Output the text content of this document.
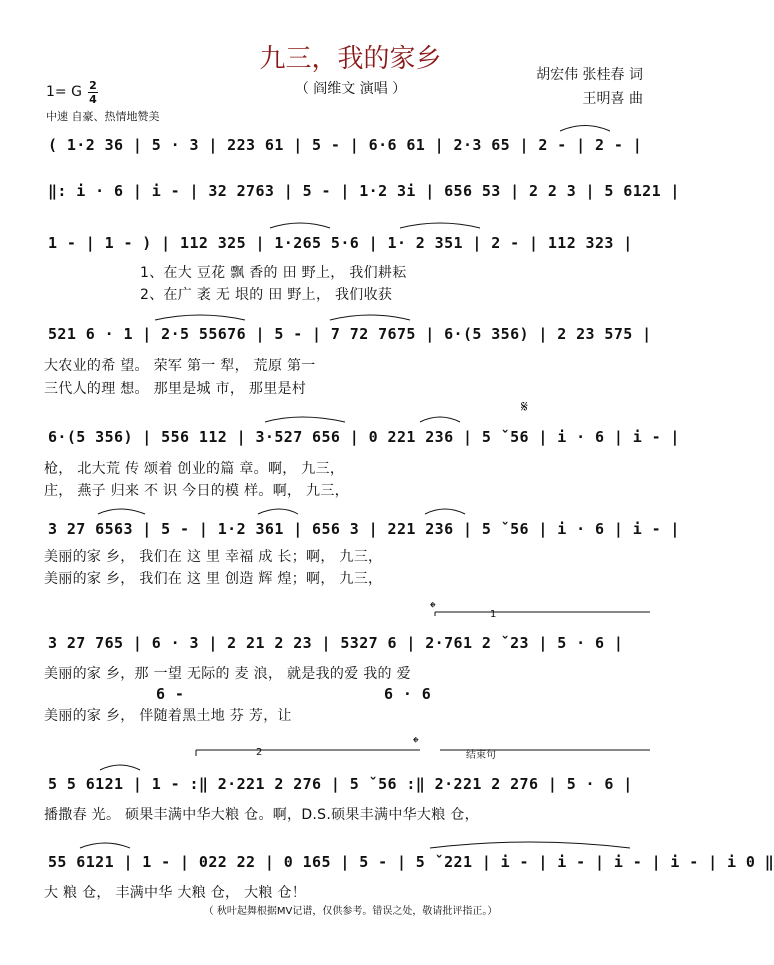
九三，我的家乡
（ 阎维文 演唱 ）
胡宏伟 张桂春 词
王明喜 曲
1= G 2
4
中速 自豪、热情地赞美
( 1·2 36 | 5 · 3 | 223 61 | 5 - | 6·6 61 | 2·3 65 | 2 - | 2 - |
‖: i · 6 | i - | 32 2763 | 5 - | 1·2 3i | 656 53 | 2 2 3 | 5 6121 |
1 - | 1 - ) | 112 325 | 1·265 5·6 | 1· 2 351 | 2 - | 112 323 |
521 6 · 1 | 2·5 55676 | 5 - | 7 72 7675 | 6·(5 356) | 2 23 575 |
6·(5 356) | 556 112 | 3·527 656 | 0 221 236 | 5 ˇ56 | i · 6 | i - |
3 27 6563 | 5 - | 1·2 361 | 656 3 | 221 236 | 5 ˇ56 | i · 6 | i - |
3 27 765 | 6 · 3 | 2 21 2 23 | 5327 6 | 2·761 2 ˇ23 | 5 · 6 |
5 5 6121 | 1 - :‖ 2·221 2 276 | 5 ˇ56 :‖ 2·221 2 276 | 5 · 6 |
55 6121 | 1 - | 022 22 | 0 165 | 5 - | 5 ˇ221 | i - | i - | i - | i - | i 0 ‖
1、在大 豆花 飘 香的 田 野上， 我们耕耘
2、在广 袤 无 垠的 田 野上， 我们收获
大农业的希 望。 荣军 第一 犁， 荒原 第一
三代人的理 想。 那里是城 市， 那里是村
枪， 北大荒 传 颂着 创业的篇 章。啊， 九三，
庄， 燕子 归来 不 识 今日的模 样。啊， 九三，
美丽的家 乡， 我们在 这 里 幸福 成 长；啊， 九三，
美丽的家 乡， 我们在 这 里 创造 辉 煌；啊， 九三，
美丽的家 乡，那 一望 无际的 麦 浪， 就是我的爱 我的 爱
美丽的家 乡， 伴随着黑土地 芬 芳，让
播撒春 光。 硕果丰满中华大粮 仓。啊，D.S.硕果丰满中华大粮 仓，
大 粮 仓， 丰满中华 大粮 仓， 大粮 仓！
6 -	6 · 6
𝄋
𝄌
𝄌
1
2	结束句
（ 秋叶起舞根据MV记谱，仅供参考。错误之处，敬请批评指正。）
